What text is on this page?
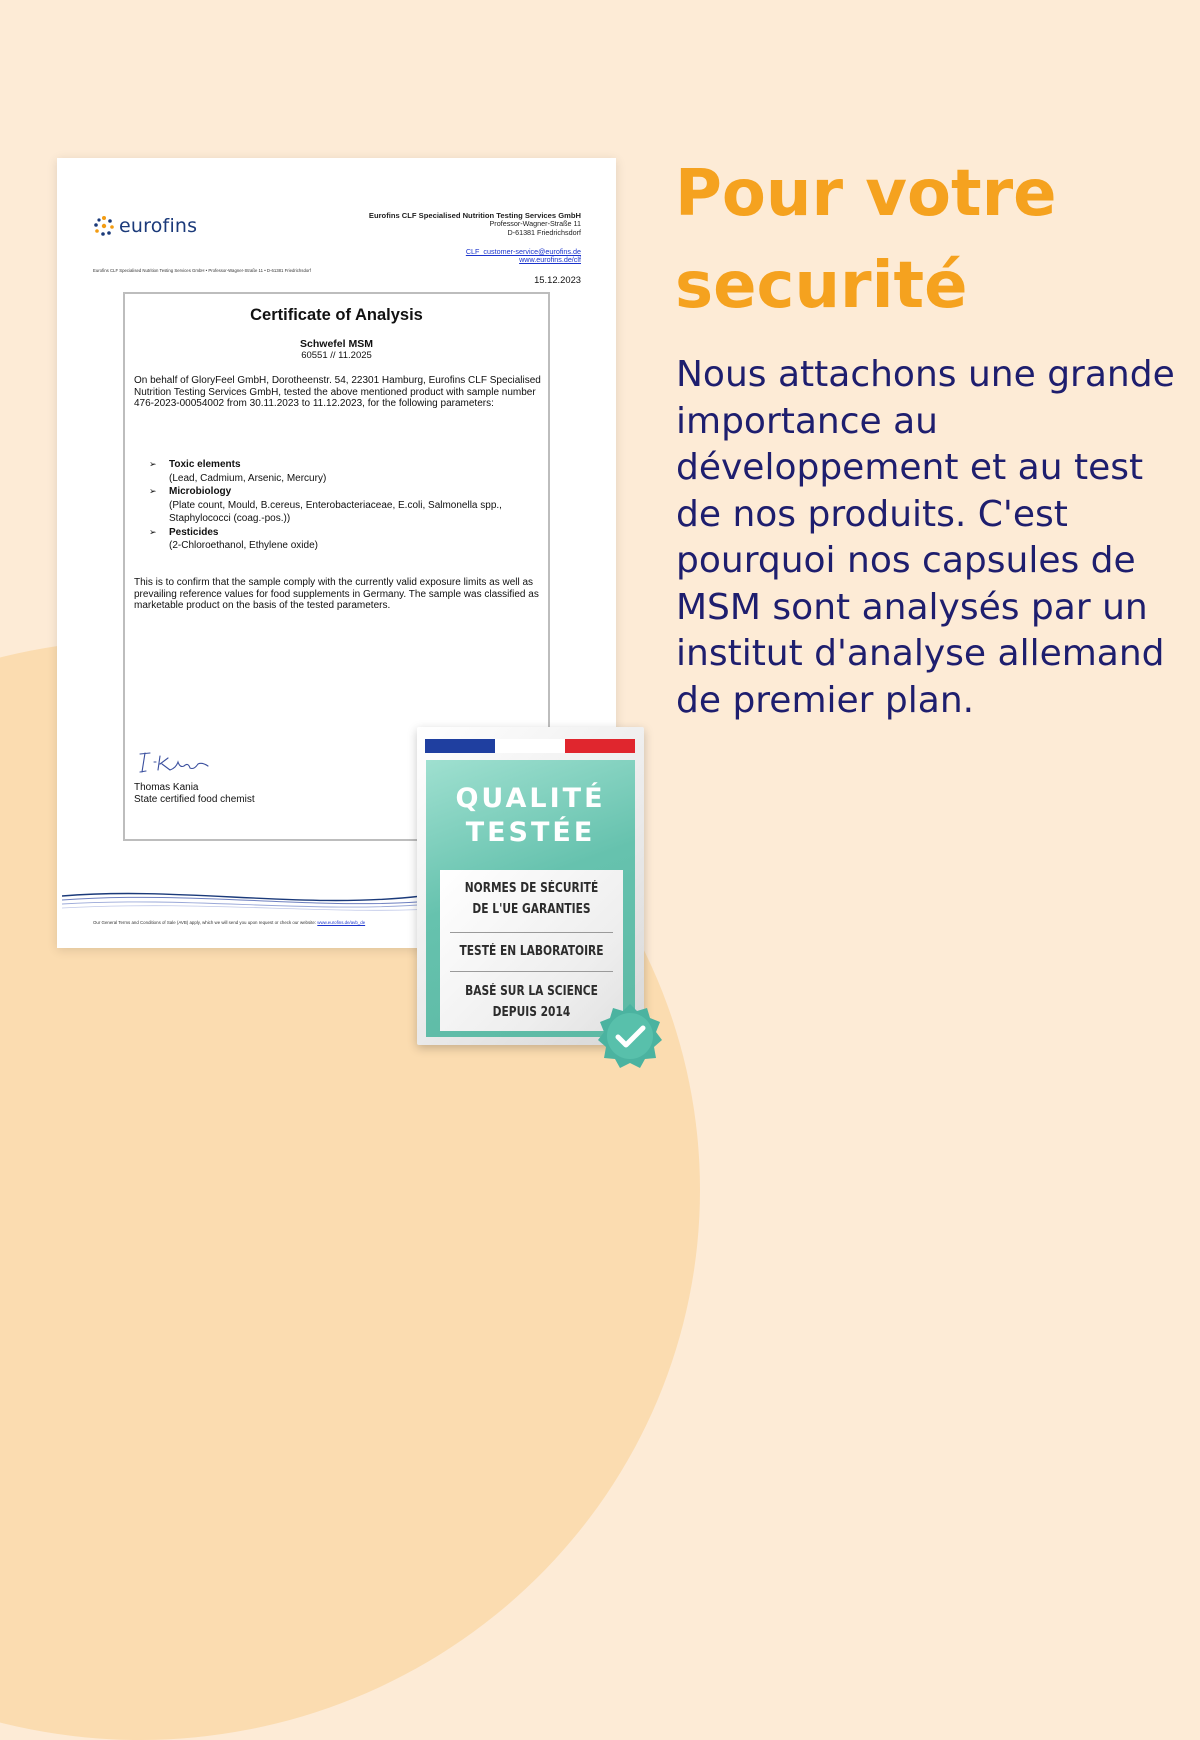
eurofins	Eurofins CLF Specialised Nutrition Testing Services GmbH
Professor-Wagner-Straße 11
D-61381 Friedrichsdorf
CLF_customer-service@eurofins.de
www.eurofins.de/clf
Eurofins CLF Specialised Nutrition Testing Services GmbH • Professor-Wagner-Straße 11 • D-61381 Friedrichsdorf
15.12.2023
Certificate of Analysis
Schwefel MSM
60551 // 11.2025
On behalf of GloryFeel GmbH, Dorotheenstr. 54, 22301 Hamburg, Eurofins CLF Specialised Nutrition Testing Services GmbH, tested the above mentioned product with sample number 476-2023-00054002 from 30.11.2023 to 11.12.2023, for the following parameters:
➢ Toxic elements
(Lead, Cadmium, Arsenic, Mercury)
➢ Microbiology
(Plate count, Mould, B.cereus, Enterobacteriaceae, E.coli, Salmonella spp., Staphylococci (coag.-pos.))
➢ Pesticides
(2-Chloroethanol, Ethylene oxide)
This is to confirm that the sample comply with the currently valid exposure limits as well as prevailing reference values for food supplements in Germany. The sample was classified as marketable product on the basis of the tested parameters.
Thomas Kania
State certified food chemist
Our General Terms and Conditions of Sale (AVB) apply, which we will send you upon request or check our website: www.eurofins.de/avb_de
QUALITÉ
TESTÉE
NORMES DE SÉCURITÉ
DE L'UE GARANTIES
TESTÉ EN LABORATOIRE
BASÉ SUR LA SCIENCE
DEPUIS 2014
Pour votre
securité

Nous attachons une grande importance au développement et au test de nos produits. C'est pourquoi nos capsules de MSM sont analysés par un institut d'analyse allemand de premier plan.
